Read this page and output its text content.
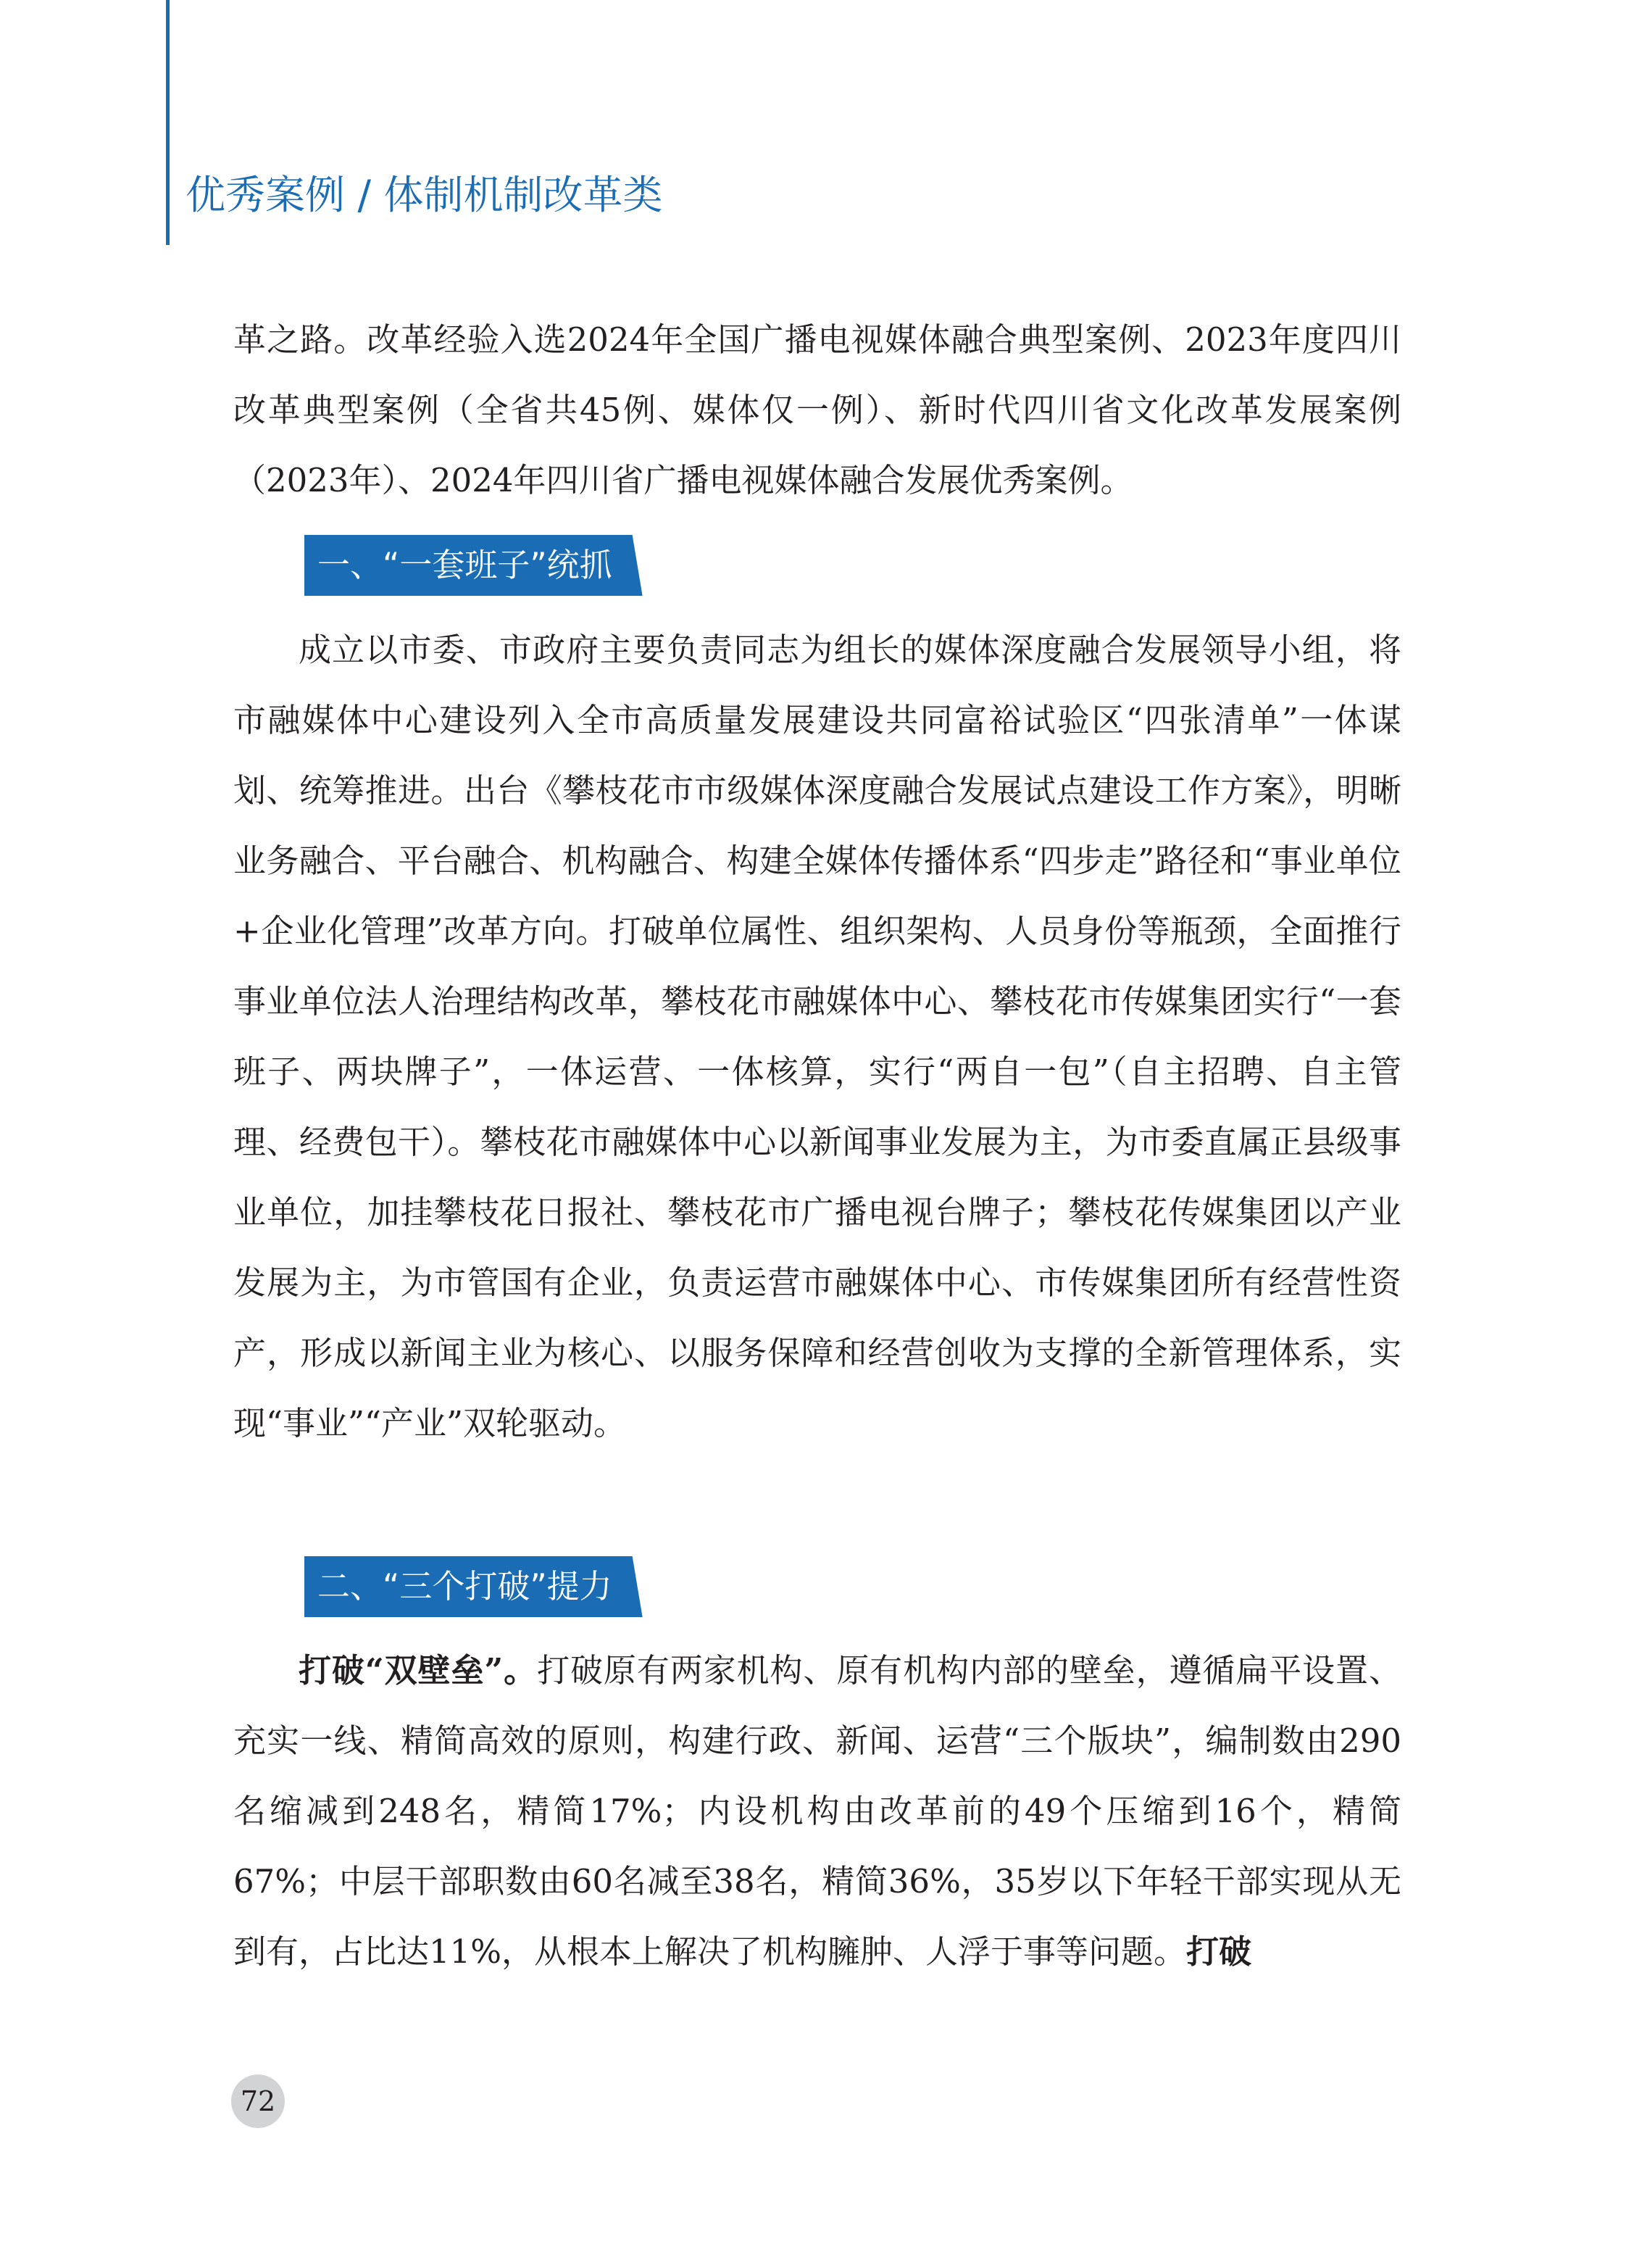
优秀案例 / 体制机制改革类

革之路。改革经验入选2024年全国广播电视媒体融合典型案例、2023年度四川改革典型案例（全省共45例、媒体仅一例）、新时代四川省文化改革发展案例（2023年）、2024年四川省广播电视媒体融合发展优秀案例。

一、“一套班子”统抓

成立以市委、市政府主要负责同志为组长的媒体深度融合发展领导小组，将市融媒体中心建设列入全市高质量发展建设共同富裕试验区“四张清单”一体谋划、统筹推进。出台《攀枝花市市级媒体深度融合发展试点建设工作方案》，明晰业务融合、平台融合、机构融合、构建全媒体传播体系“四步走”路径和“事业单位+企业化管理”改革方向。打破单位属性、组织架构、人员身份等瓶颈，全面推行事业单位法人治理结构改革，攀枝花市融媒体中心、攀枝花市传媒集团实行“一套班子、两块牌子”，一体运营、一体核算，实行“两自一包”（自主招聘、自主管理、经费包干）。攀枝花市融媒体中心以新闻事业发展为主，为市委直属正县级事业单位，加挂攀枝花日报社、攀枝花市广播电视台牌子；攀枝花传媒集团以产业发展为主，为市管国有企业，负责运营市融媒体中心、市传媒集团所有经营性资产，形成以新闻主业为核心、以服务保障和经营创收为支撑的全新管理体系，实现“事业”“产业”双轮驱动。

二、“三个打破”提力

打破“双壁垒”。打破原有两家机构、原有机构内部的壁垒，遵循扁平设置、充实一线、精简高效的原则，构建行政、新闻、运营“三个版块”，编制数由290名缩减到248名，精简17%；内设机构由改革前的49个压缩到16个，精简67%；中层干部职数由60名减至38名，精简36%，35岁以下年轻干部实现从无到有，占比达11%，从根本上解决了机构臃肿、人浮于事等问题。打破

72
